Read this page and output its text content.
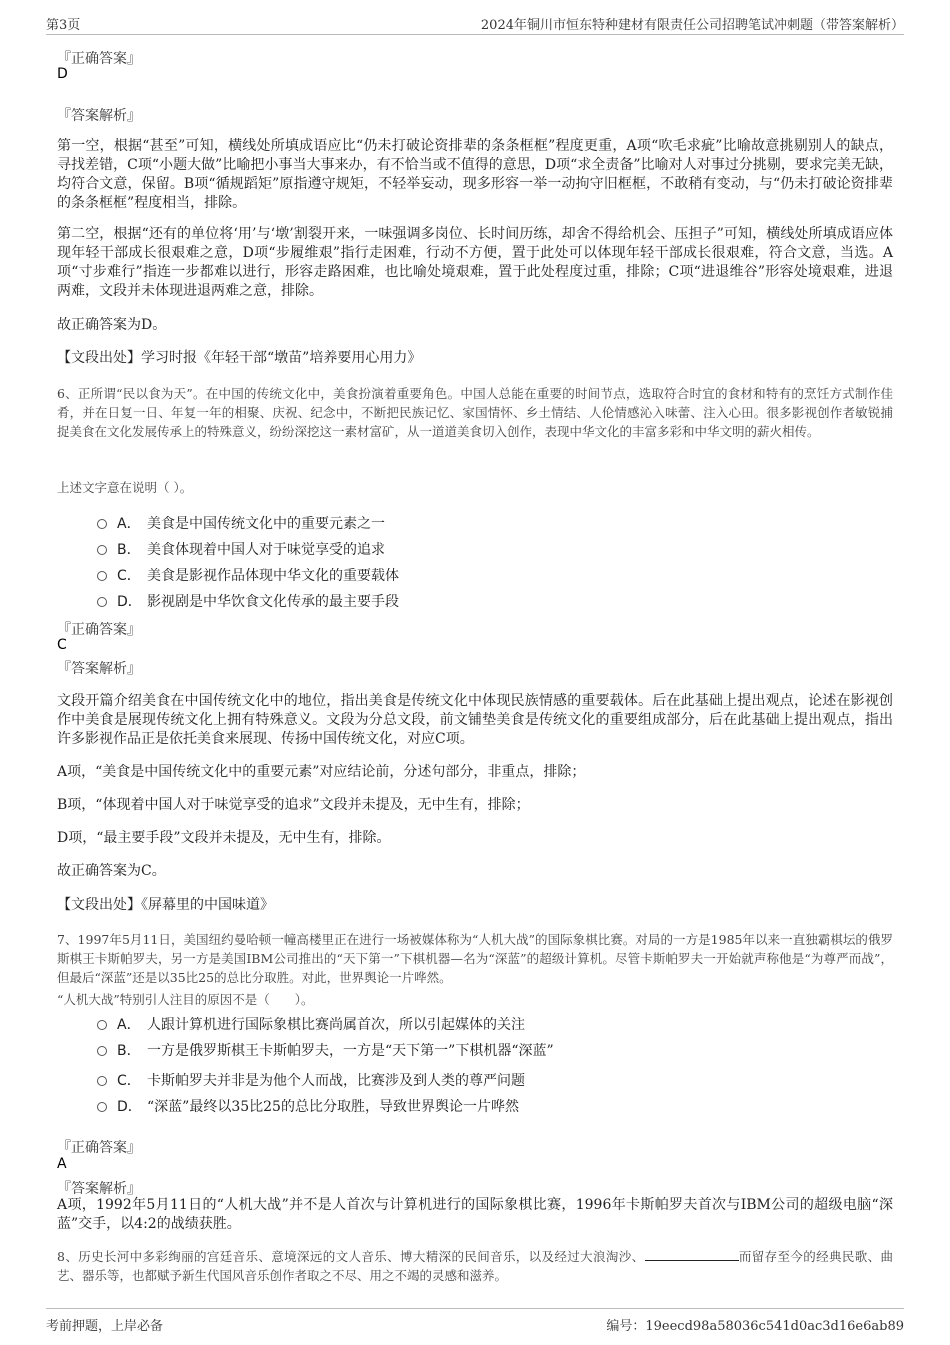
第3页	2024年铜川市恒东特种建材有限责任公司招聘笔试冲刺题（带答案解析）
『正确答案』
D
『答案解析』
第一空，根据“甚至”可知，横线处所填成语应比“仍未打破论资排辈的条条框框”程度更重，A项“吹毛求疵”比喻故意挑剔别人的缺点，寻找差错，C项“小题大做”比喻把小事当大事来办，有不恰当或不值得的意思，D项“求全责备”比喻对人对事过分挑剔，要求完美无缺，均符合文意，保留。B项“循规蹈矩”原指遵守规矩，不轻举妄动，现多形容一举一动拘守旧框框，不敢稍有变动，与“仍未打破论资排辈的条条框框”程度相当，排除。
第二空，根据“还有的单位将‘用’与‘墩’割裂开来，一味强调多岗位、长时间历练，却舍不得给机会、压担子”可知，横线处所填成语应体现年轻干部成长很艰难之意，D项“步履维艰”指行走困难，行动不方便，置于此处可以体现年轻干部成长很艰难，符合文意，当选。A项“寸步难行”指连一步都难以进行，形容走路困难，也比喻处境艰难，置于此处程度过重，排除；C项“进退维谷”形容处境艰难，进退两难，文段并未体现进退两难之意，排除。
故正确答案为D。
【文段出处】学习时报《年轻干部“墩苗”培养要用心用力》
6、正所谓“民以食为天”。在中国的传统文化中，美食扮演着重要角色。中国人总能在重要的时间节点，选取符合时宜的食材和特有的烹饪方式制作佳肴，并在日复一日、年复一年的相聚、庆祝、纪念中，不断把民族记忆、家国情怀、乡土情结、人伦情感沁入味蕾、注入心田。很多影视创作者敏锐捕捉美食在文化发展传承上的特殊意义，纷纷深挖这一素材富矿，从一道道美食切入创作，表现中华文化的丰富多彩和中华文明的薪火相传。
上述文字意在说明（ ）。
A． 美食是中国传统文化中的重要元素之一
B． 美食体现着中国人对于味觉享受的追求
C． 美食是影视作品体现中华文化的重要载体
D． 影视剧是中华饮食文化传承的最主要手段
『正确答案』
C
『答案解析』
文段开篇介绍美食在中国传统文化中的地位，指出美食是传统文化中体现民族情感的重要载体。后在此基础上提出观点，论述在影视创作中美食是展现传统文化上拥有特殊意义。文段为分总文段，前文铺垫美食是传统文化的重要组成部分，后在此基础上提出观点，指出许多影视作品正是依托美食来展现、传扬中国传统文化，对应C项。
A项，“美食是中国传统文化中的重要元素”对应结论前，分述句部分，非重点，排除；
B项，“体现着中国人对于味觉享受的追求”文段并未提及，无中生有，排除；
D项，“最主要手段”文段并未提及，无中生有，排除。
故正确答案为C。
【文段出处】《屏幕里的中国味道》
7、1997年5月11日，美国纽约曼哈顿一幢高楼里正在进行一场被媒体称为“人机大战”的国际象棋比赛。对局的一方是1985年以来一直独霸棋坛的俄罗斯棋王卡斯帕罗夫，另一方是美国IBM公司推出的“天下第一”下棋机器—名为“深蓝”的超级计算机。尽管卡斯帕罗夫一开始就声称他是“为尊严而战”，但最后“深蓝”还是以35比25的总比分取胜。对此，世界舆论一片哗然。
“人机大战”特别引人注目的原因不是（　　）。
A． 人跟计算机进行国际象棋比赛尚属首次，所以引起媒体的关注
B． 一方是俄罗斯棋王卡斯帕罗夫，一方是“天下第一”下棋机器“深蓝”
C． 卡斯帕罗夫并非是为他个人而战，比赛涉及到人类的尊严问题
D． “深蓝”最终以35比25的总比分取胜，导致世界舆论一片哗然
『正确答案』
A
『答案解析』
A项，1992年5月11日的“人机大战”并不是人首次与计算机进行的国际象棋比赛，1996年卡斯帕罗夫首次与IBM公司的超级电脑“深蓝”交手，以4:2的战绩获胜。
8、历史长河中多彩绚丽的宫廷音乐、意境深远的文人音乐、博大精深的民间音乐，以及经过大浪淘沙、	而留存至今的经典民歌、曲艺、器乐等，也都赋予新生代国风音乐创作者取之不尽、用之不竭的灵感和滋养。
考前押题，上岸必备	编号：19eecd98a58036c541d0ac3d16e6ab89
